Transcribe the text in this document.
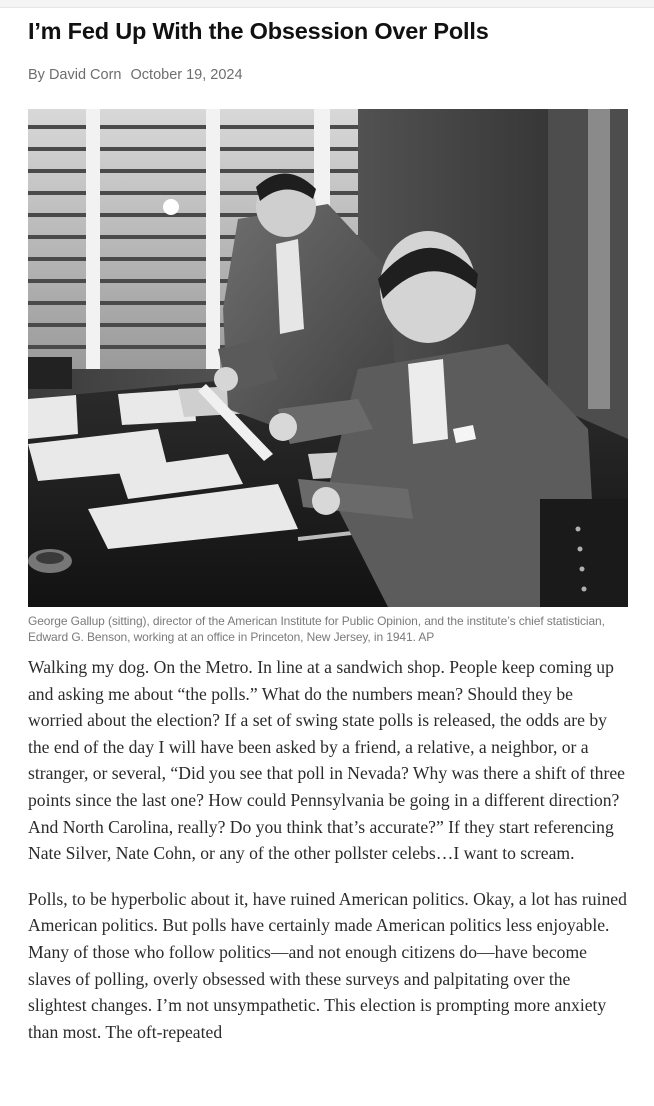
I’m Fed Up With the Obsession Over Polls
By David Corn October 19, 2024
George Gallup (sitting), director of the American Institute for Public Opinion, and the institute’s chief statistician, Edward G. Benson, working at an office in Princeton, New Jersey, in 1941. AP

Walking my dog. On the Metro. In line at a sandwich shop. People keep coming up and asking me about “the polls.” What do the numbers mean? Should they be worried about the election? If a set of swing state polls is released, the odds are by the end of the day I will have been asked by a friend, a relative, a neighbor, or a stranger, or several, “Did you see that poll in Nevada? Why was there a shift of three points since the last one? How could Pennsylvania be going in a different direction? And North Carolina, really? Do you think that’s accurate?” If they start referencing Nate Silver, Nate Cohn, or any of the other pollster celebs…I want to scream.

Polls, to be hyperbolic about it, have ruined American politics. Okay, a lot has ruined American politics. But polls have certainly made American politics less enjoyable. Many of those who follow politics—and not enough citizens do—have become slaves of polling, overly obsessed with these surveys and palpitating over the slightest changes. I’m not unsympathetic. This election is prompting more anxiety than most. The oft-repeated
